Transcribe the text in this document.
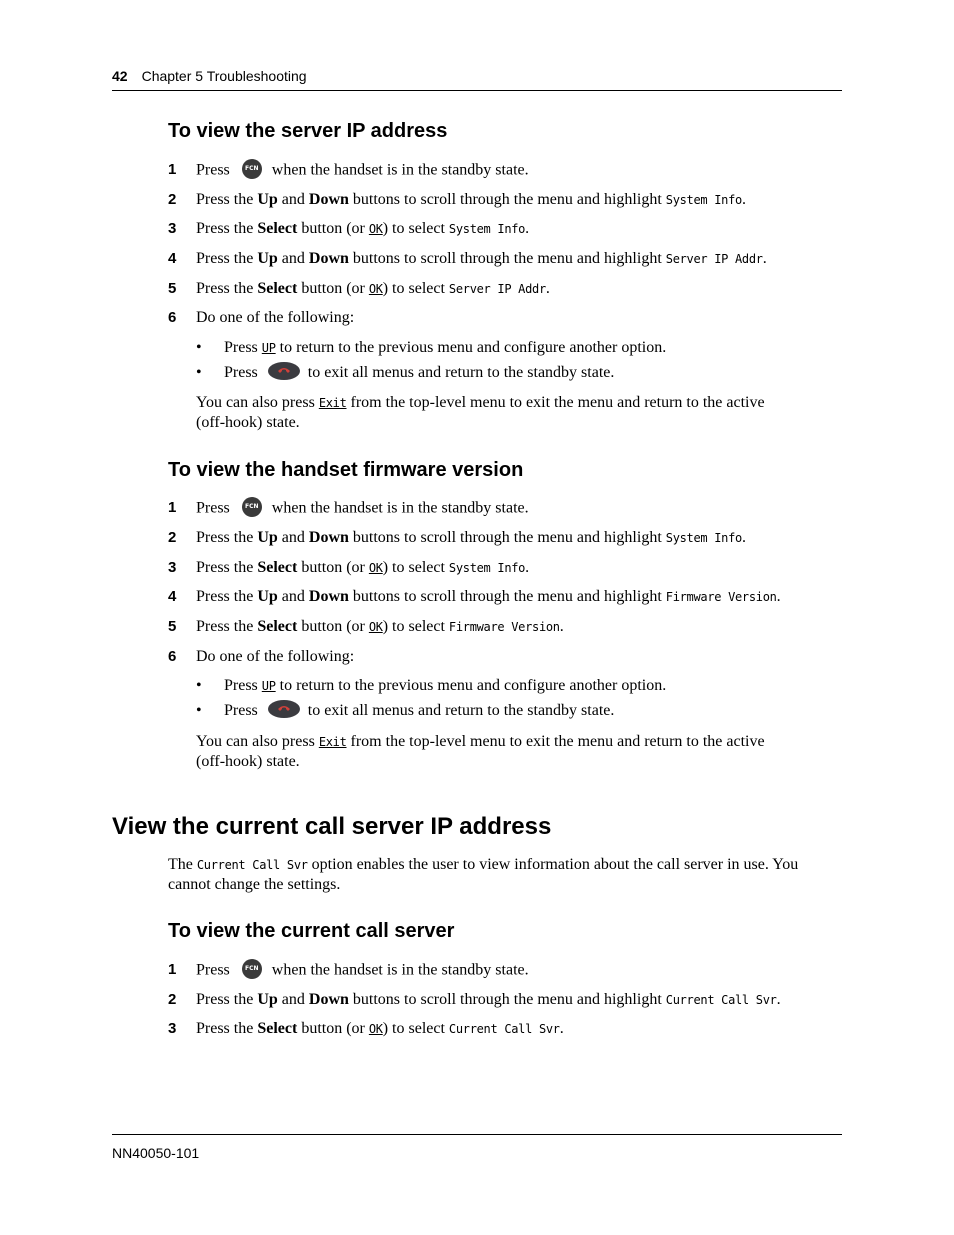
42 Chapter 5 Troubleshooting
To view the server IP address
1 Press	FCN when the handset is in the standby state.
2 Press the Up and Down buttons to scroll through the menu and highlight System Info.
3 Press the Select button (or OK) to select System Info.
4 Press the Up and Down buttons to scroll through the menu and highlight Server IP Addr.
5 Press the Select button (or OK) to select Server IP Addr.
6 Do one of the following:
• Press UP to return to the previous menu and configure another option.
• Press	to exit all menus and return to the standby state.
You can also press Exit from the top-level menu to exit the menu and return to the active
(off-hook) state.
To view the handset firmware version
1 Press	FCN when the handset is in the standby state.
2 Press the Up and Down buttons to scroll through the menu and highlight System Info.
3 Press the Select button (or OK) to select System Info.
4 Press the Up and Down buttons to scroll through the menu and highlight Firmware Version.
5 Press the Select button (or OK) to select Firmware Version.
6 Do one of the following:
• Press UP to return to the previous menu and configure another option.
• Press	to exit all menus and return to the standby state.
You can also press Exit from the top-level menu to exit the menu and return to the active
(off-hook) state.
View the current call server IP address
The Current Call Svr option enables the user to view information about the call server in use. You
cannot change the settings.
To view the current call server
1 Press	FCN when the handset is in the standby state.
2 Press the Up and Down buttons to scroll through the menu and highlight Current Call Svr.
3 Press the Select button (or OK) to select Current Call Svr.
NN40050-101
